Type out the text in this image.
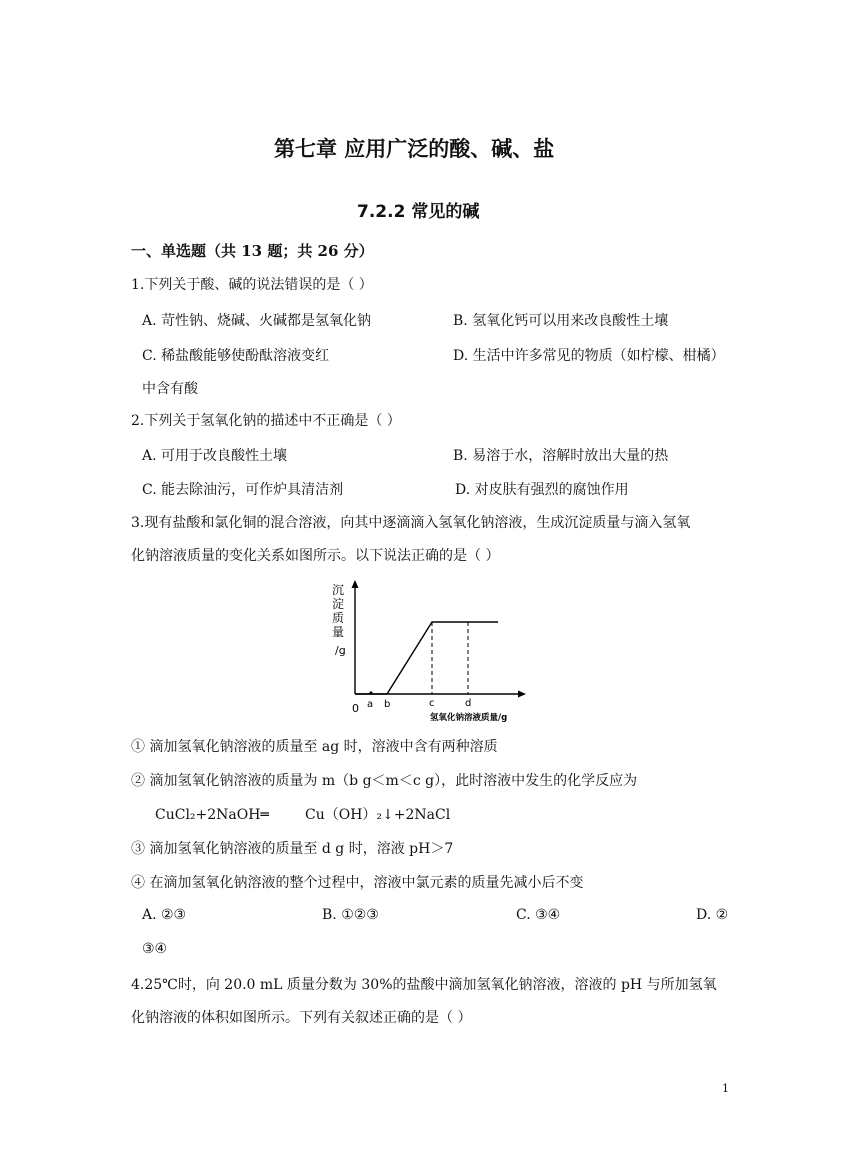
第七章 应用广泛的酸、碱、盐
7.2.2 常见的碱
一、单选题（共 13 题；共 26 分）
1.下列关于酸、碱的说法错误的是（ ）
A. 苛性钠、烧碱、火碱都是氢氧化钠	B. 氢氧化钙可以用来改良酸性土壤
C. 稀盐酸能够使酚酞溶液变红	D. 生活中许多常见的物质（如柠檬、柑橘）
中含有酸
2.下列关于氢氧化钠的描述中不正确是（ ）
A. 可用于改良酸性土壤	B. 易溶于水，溶解时放出大量的热
C. 能去除油污，可作炉具清洁剂	D. 对皮肤有强烈的腐蚀作用
3.现有盐酸和氯化铜的混合溶液，向其中逐滴滴入氢氧化钠溶液，生成沉淀质量与滴入氢氧
化钠溶液质量的变化关系如图所示。以下说法正确的是（ ）
沉
淀
质
量
/g
0 a b	c	d
氢氧化钠溶液质量/g
① 滴加氢氧化钠溶液的质量至 ag 时，溶液中含有两种溶质
② 滴加氢氧化钠溶液的质量为 m（b g＜m＜c g），此时溶液中发生的化学反应为
CuCl₂+2NaOH═	Cu（OH）₂↓+2NaCl
③ 滴加氢氧化钠溶液的质量至 d g 时，溶液 pH＞7
④ 在滴加氢氧化钠溶液的整个过程中，溶液中氯元素的质量先减小后不变
A. ②③	B. ①②③	C. ③④	D. ②
③④
4.25℃时，向 20.0 mL 质量分数为 30%的盐酸中滴加氢氧化钠溶液，溶液的 pH 与所加氢氧
化钠溶液的体积如图所示。下列有关叙述正确的是（ ）
1
